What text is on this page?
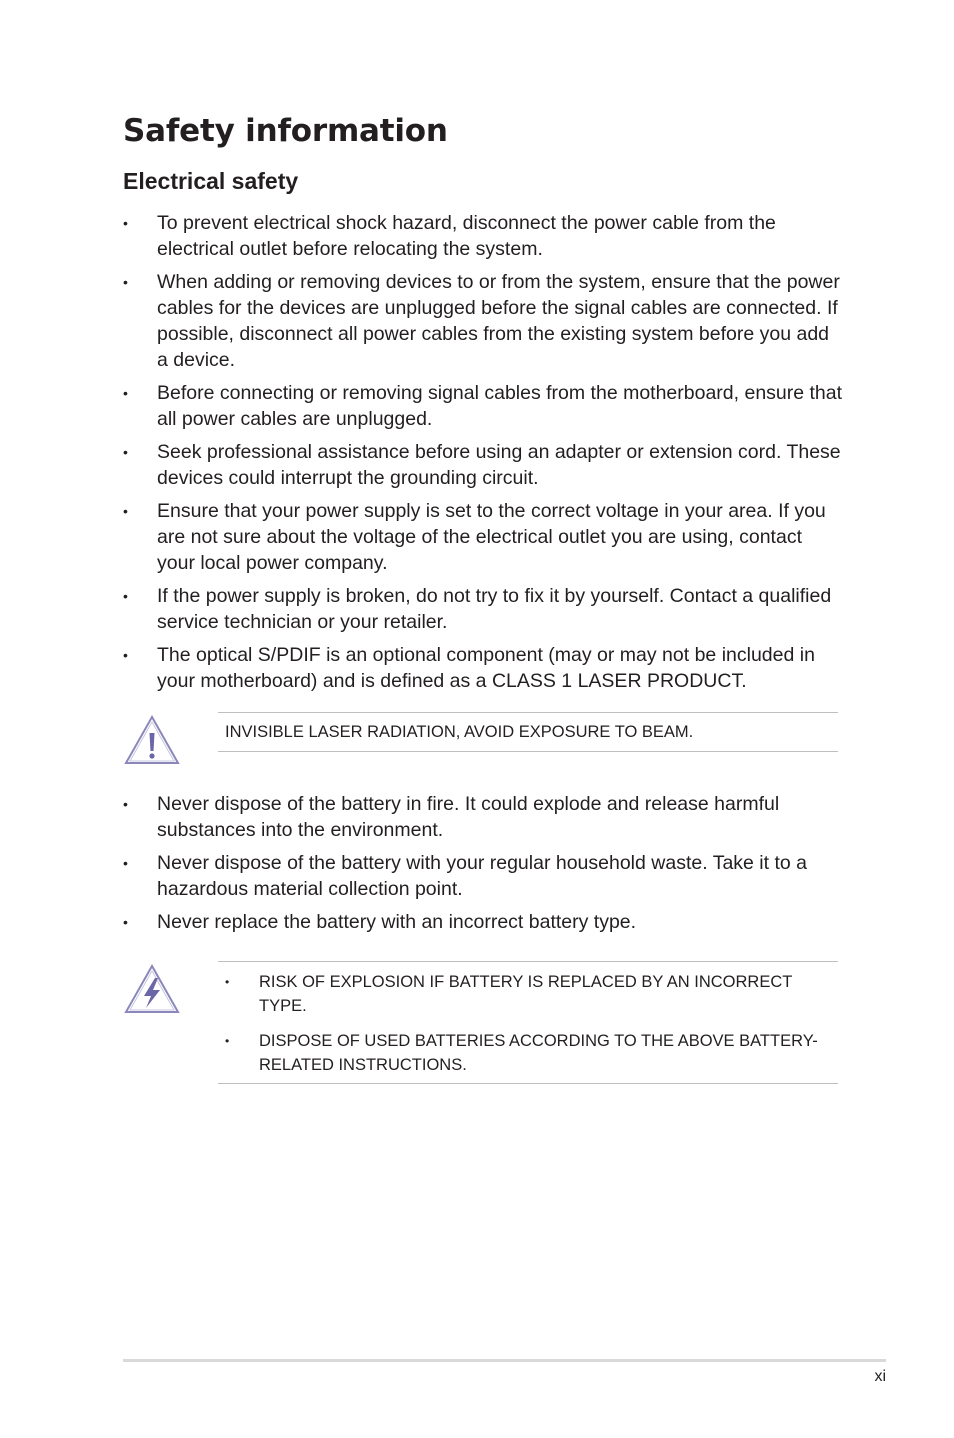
Safety information
Electrical safety
• To prevent electrical shock hazard, disconnect the power cable from the electrical outlet before relocating the system.
• When adding or removing devices to or from the system, ensure that the power cables for the devices are unplugged before the signal cables are connected. If possible, disconnect all power cables from the existing system before you add a device.
• Before connecting or removing signal cables from the motherboard, ensure that all power cables are unplugged.
• Seek professional assistance before using an adapter or extension cord. These devices could interrupt the grounding circuit.
• Ensure that your power supply is set to the correct voltage in your area. If you are not sure about the voltage of the electrical outlet you are using, contact your local power company.
• If the power supply is broken, do not try to fix it by yourself. Contact a qualified service technician or your retailer.
• The optical S/PDIF is an optional component (may or may not be included in your motherboard) and is defined as a CLASS 1 LASER PRODUCT.
INVISIBLE LASER RADIATION, AVOID EXPOSURE TO BEAM.
• Never dispose of the battery in fire. It could explode and release harmful substances into the environment.
• Never dispose of the battery with your regular household waste. Take it to a hazardous material collection point.
• Never replace the battery with an incorrect battery type.
• RISK OF EXPLOSION IF BATTERY IS REPLACED BY AN INCORRECT TYPE.
• DISPOSE OF USED BATTERIES ACCORDING TO THE ABOVE BATTERY-RELATED INSTRUCTIONS.
xi
